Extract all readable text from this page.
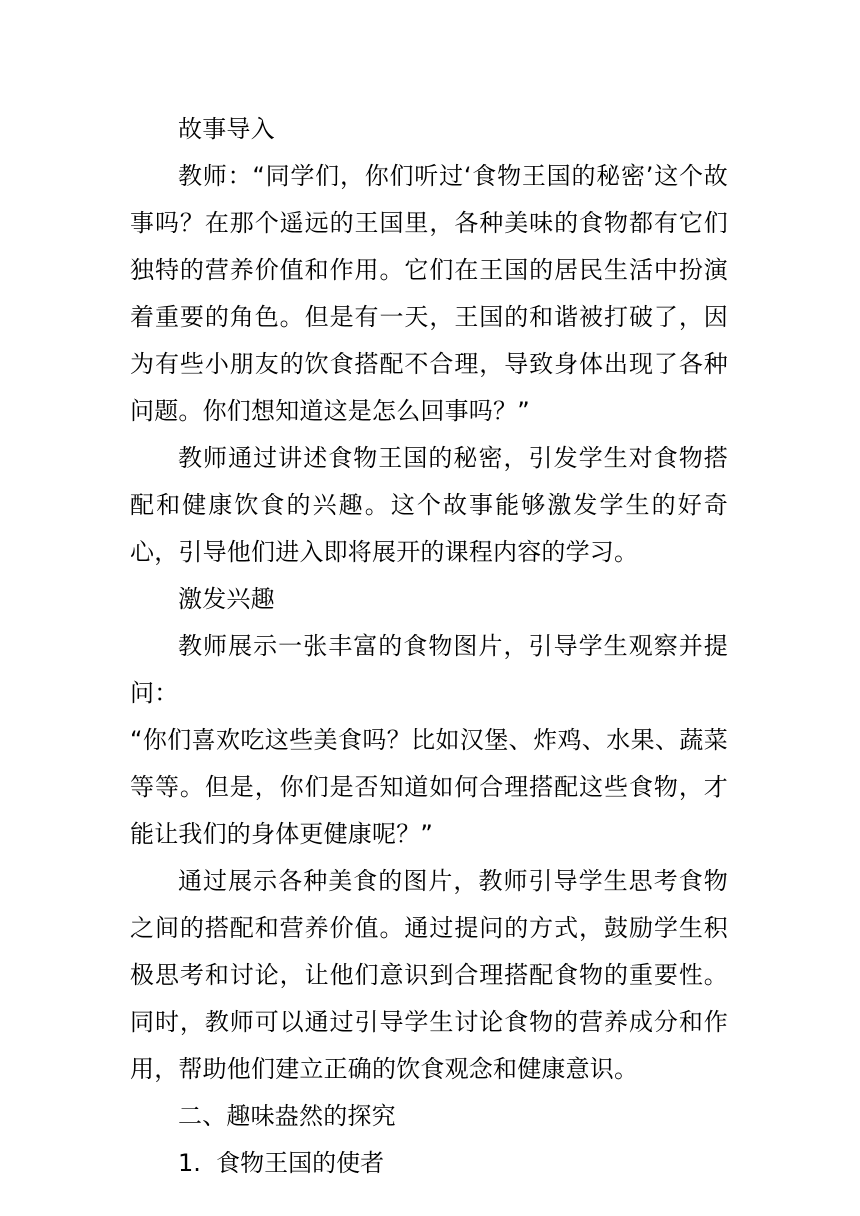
故事导入

教师：“同学们，你们听过‘食物王国的秘密’这个故事吗？在那个遥远的王国里，各种美味的食物都有它们独特的营养价值和作用。它们在王国的居民生活中扮演着重要的角色。但是有一天，王国的和谐被打破了，因为有些小朋友的饮食搭配不合理，导致身体出现了各种问题。你们想知道这是怎么回事吗？”

教师通过讲述食物王国的秘密，引发学生对食物搭配和健康饮食的兴趣。这个故事能够激发学生的好奇心，引导他们进入即将展开的课程内容的学习。

激发兴趣

教师展示一张丰富的食物图片，引导学生观察并提问：

“你们喜欢吃这些美食吗？比如汉堡、炸鸡、水果、蔬菜等等。但是，你们是否知道如何合理搭配这些食物，才能让我们的身体更健康呢？”

通过展示各种美食的图片，教师引导学生思考食物之间的搭配和营养价值。通过提问的方式，鼓励学生积极思考和讨论，让他们意识到合理搭配食物的重要性。同时，教师可以通过引导学生讨论食物的营养成分和作用，帮助他们建立正确的饮食观念和健康意识。

二、趣味盎然的探究

1. 食物王国的使者
